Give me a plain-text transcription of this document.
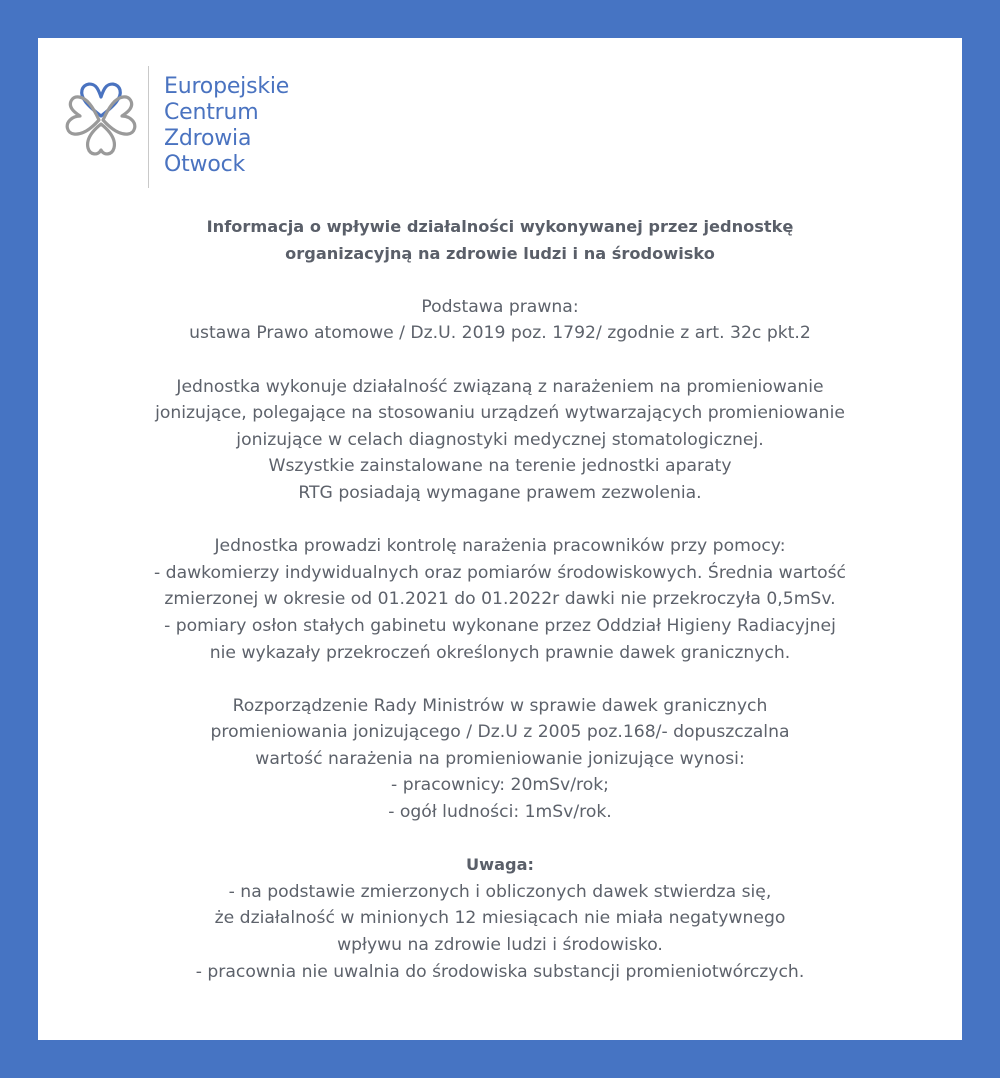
Europejskie
Centrum
Zdrowia
Otwock
Informacja o wpływie działalności wykonywanej przez jednostkę
organizacyjną na zdrowie ludzi i na środowisko
Podstawa prawna:
ustawa Prawo atomowe / Dz.U. 2019 poz. 1792/ zgodnie z art. 32c pkt.2
Jednostka wykonuje działalność związaną z narażeniem na promieniowanie
jonizujące, polegające na stosowaniu urządzeń wytwarzających promieniowanie
jonizujące w celach diagnostyki medycznej stomatologicznej.
Wszystkie zainstalowane na terenie jednostki aparaty
RTG posiadają wymagane prawem zezwolenia.
Jednostka prowadzi kontrolę narażenia pracowników przy pomocy:
- dawkomierzy indywidualnych oraz pomiarów środowiskowych. Średnia wartość
zmierzonej w okresie od 01.2021 do 01.2022r dawki nie przekroczyła 0,5mSv.
- pomiary osłon stałych gabinetu wykonane przez Oddział Higieny Radiacyjnej
nie wykazały przekroczeń określonych prawnie dawek granicznych.
Rozporządzenie Rady Ministrów w sprawie dawek granicznych
promieniowania jonizującego / Dz.U z 2005 poz.168/- dopuszczalna
wartość narażenia na promieniowanie jonizujące wynosi:
- pracownicy: 20mSv/rok;
- ogół ludności: 1mSv/rok.
Uwaga:
- na podstawie zmierzonych i obliczonych dawek stwierdza się,
że działalność w minionych 12 miesiącach nie miała negatywnego
wpływu na zdrowie ludzi i środowisko.
- pracownia nie uwalnia do środowiska substancji promieniotwórczych.
